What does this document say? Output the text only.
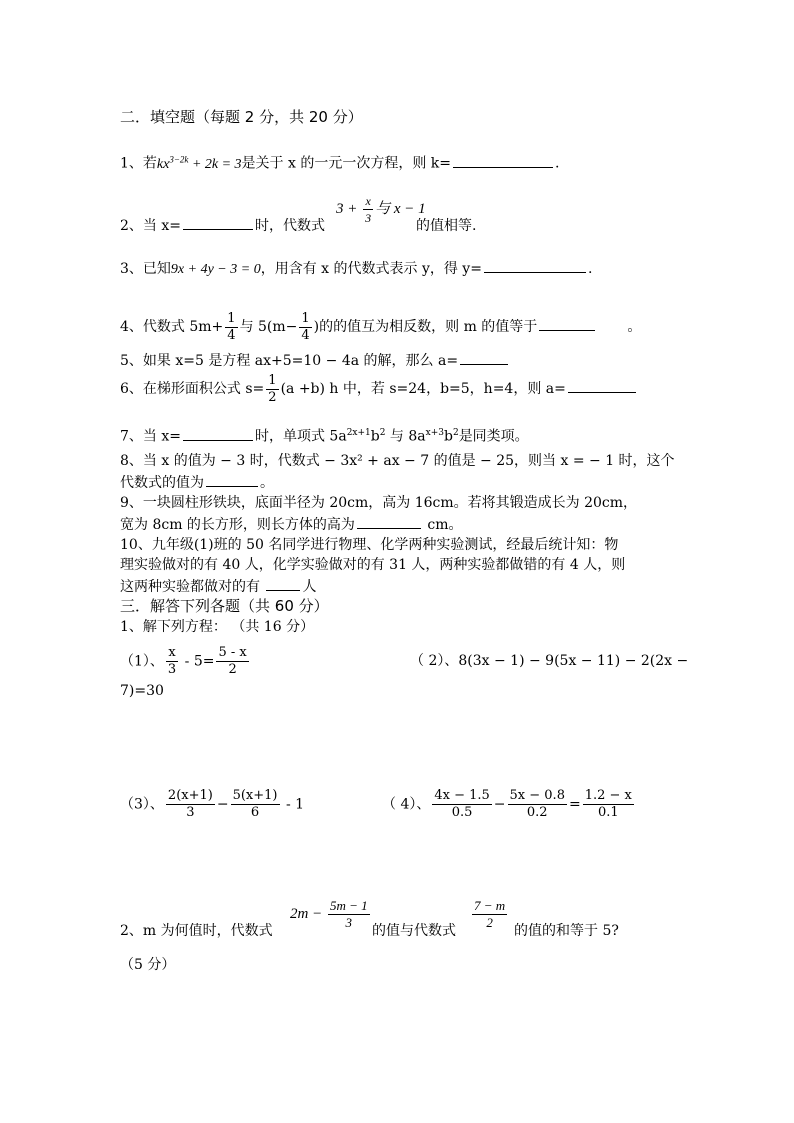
二．填空题（每题 2 分，共 20 分）
1、若$kx^{3-2k} + 2k = 3$是关于 x 的一元一次方程，则 k=	.
2、当 x=	时，代数式
$3 + \frac{x}{3}$ 与 x − 1
的值相等.
3、已知9x + 4y − 3 = 0，用含有 x 的代数式表示 y，得 y=	.
4、代数式 $5m+ \frac{1}{4}$ 与 $5(m- \frac{1}{4}$ )的的值互为相反数，则 m 的值等于	。
5、如果 x=5 是方程 ax+5=10 − 4a 的解，那么 a=
6、在梯形面积公式 $s= \frac{1}{2} (a +b)$ h 中，若 s=24，b=5，h=4，则 a=
7、当 x=	时，单项式 $5a^{2x+1}b^2$ 与 $8a^{x+3}b^2$是同类项。
8、当 x 的值为 − 3 时，代数式 − 3x² + ax − 7 的值是 − 25，则当 x = − 1 时，这个
代数式的值为	。
9、一块圆柱形铁块，底面半径为 20cm，高为 16cm。若将其锻造成长为 20cm，
宽为 8cm 的长方形，则长方体的高为	cm。
10、九年级(1)班的 50 名同学进行物理、化学两种实验测试，经最后统计知：物
理实验做对的有 40 人，化学实验做对的有 31 人，两种实验都做错的有 4 人，则
这两种实验都做对的有	人
三．解答下列各题（共 60 分）
1、解下列方程： （共 16 分）
（1）、 $\frac{x}{3} - 5= \frac{5 - x}{2}$	（ 2）、8(3x − 1) − 9(5x − 11) − 2(2x −
7)=30
（3）、 $\frac{2(x+1)}{3} - \frac{5(x+1)}{6} - 1$	（ 4）、 $\frac{4x - 1.5}{0.5} - \frac{5x - 0.8}{0.2} = \frac{1.2 - x}{0.1}$
2、m 为何值时，代数式
$2m - \frac{5m - 1}{3}$ 的值与代数式 $\frac{7 - m}{2}$ 的值的和等于 5?
（5 分）
